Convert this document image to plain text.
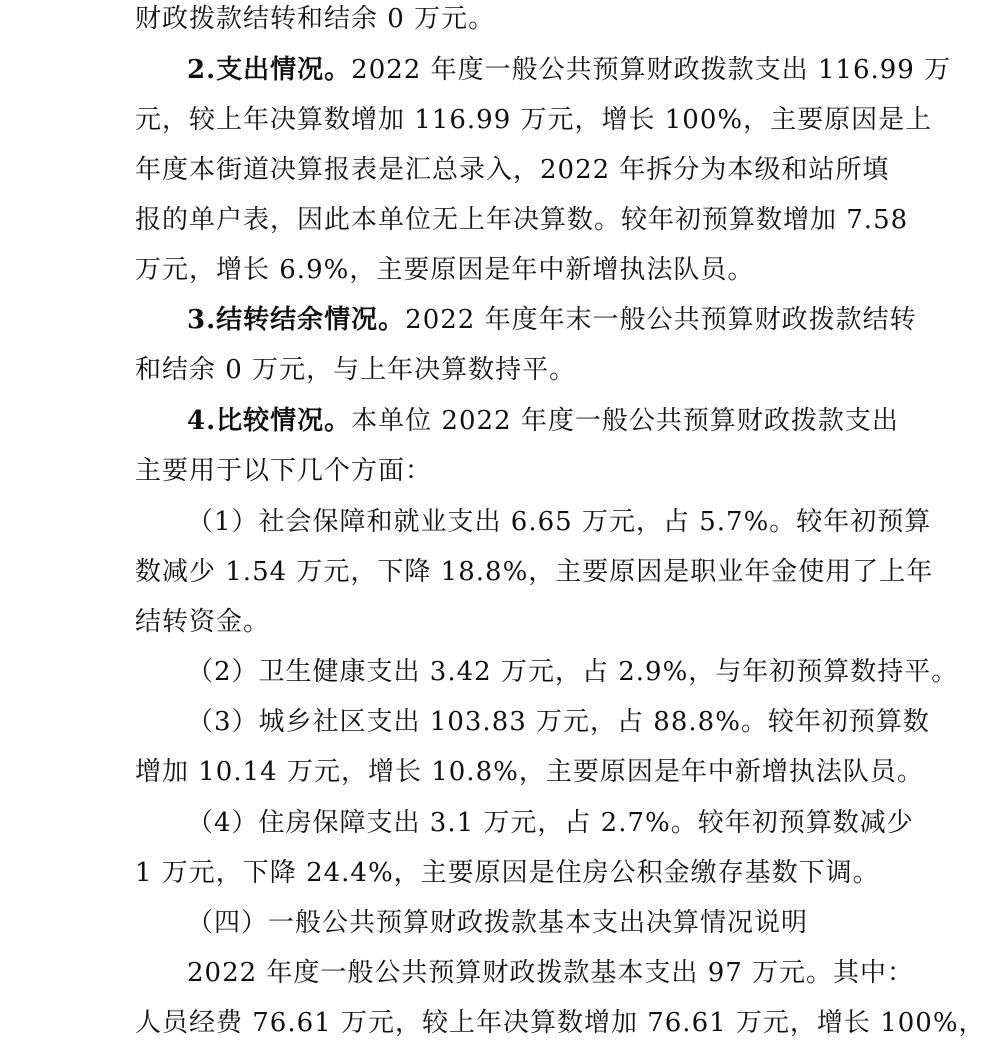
财政拨款结转和结余 0 万元。
2.支出情况。2022 年度一般公共预算财政拨款支出 116.99 万
元，较上年决算数增加 116.99 万元，增长 100%，主要原因是上
年度本街道决算报表是汇总录入，2022 年拆分为本级和站所填
报的单户表，因此本单位无上年决算数。较年初预算数增加 7.58
万元，增长 6.9%，主要原因是年中新增执法队员。
3.结转结余情况。2022 年度年末一般公共预算财政拨款结转
和结余 0 万元，与上年决算数持平。
4.比较情况。本单位 2022 年度一般公共预算财政拨款支出
主要用于以下几个方面：
（1）社会保障和就业支出 6.65 万元，占 5.7%。较年初预算
数减少 1.54 万元，下降 18.8%，主要原因是职业年金使用了上年
结转资金。
（2）卫生健康支出 3.42 万元，占 2.9%，与年初预算数持平。
（3）城乡社区支出 103.83 万元，占 88.8%。较年初预算数
增加 10.14 万元，增长 10.8%，主要原因是年中新增执法队员。
（4）住房保障支出 3.1 万元，占 2.7%。较年初预算数减少
1 万元，下降 24.4%，主要原因是住房公积金缴存基数下调。
（四）一般公共预算财政拨款基本支出决算情况说明
2022 年度一般公共预算财政拨款基本支出 97 万元。其中：
人员经费 76.61 万元，较上年决算数增加 76.61 万元，增长 100%，
